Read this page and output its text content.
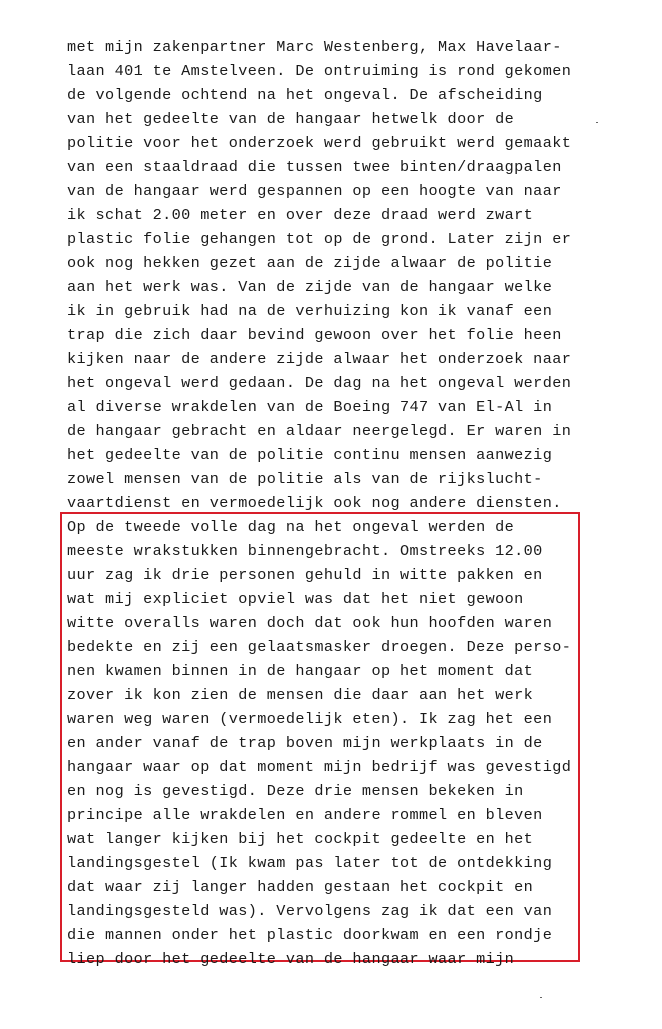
met mijn zakenpartner Marc Westenberg, Max Havelaar-
laan 401 te Amstelveen. De ontruiming is rond gekomen
de volgende ochtend na het ongeval. De afscheiding
van het gedeelte van de hangaar hetwelk door de
politie voor het onderzoek werd gebruikt werd gemaakt
van een staaldraad die tussen twee binten/draagpalen
van de hangaar werd gespannen op een hoogte van naar
ik schat 2.00 meter en over deze draad werd zwart
plastic folie gehangen tot op de grond. Later zijn er
ook nog hekken gezet aan de zijde alwaar de politie
aan het werk was. Van de zijde van de hangaar welke
ik in gebruik had na de verhuizing kon ik vanaf een
trap die zich daar bevind gewoon over het folie heen
kijken naar de andere zijde alwaar het onderzoek naar
het ongeval werd gedaan. De dag na het ongeval werden
al diverse wrakdelen van de Boeing 747 van El-Al in
de hangaar gebracht en aldaar neergelegd. Er waren in
het gedeelte van de politie continu mensen aanwezig
zowel mensen van de politie als van de rijkslucht-
vaartdienst en vermoedelijk ook nog andere diensten.
Op de tweede volle dag na het ongeval werden de
meeste wrakstukken binnengebracht. Omstreeks 12.00
uur zag ik drie personen gehuld in witte pakken en
wat mij expliciet opviel was dat het niet gewoon
witte overalls waren doch dat ook hun hoofden waren
bedekte en zij een gelaatsmasker droegen. Deze perso-
nen kwamen binnen in de hangaar op het moment dat
zover ik kon zien de mensen die daar aan het werk
waren weg waren (vermoedelijk eten). Ik zag het een
en ander vanaf de trap boven mijn werkplaats in de
hangaar waar op dat moment mijn bedrijf was gevestigd
en nog is gevestigd. Deze drie mensen bekeken in
principe alle wrakdelen en andere rommel en bleven
wat langer kijken bij het cockpit gedeelte en het
landingsgestel (Ik kwam pas later tot de ontdekking
dat waar zij langer hadden gestaan het cockpit en
landingsgesteld was). Vervolgens zag ik dat een van
die mannen onder het plastic doorkwam en een rondje
liep door het gedeelte van de hangaar waar mijn
